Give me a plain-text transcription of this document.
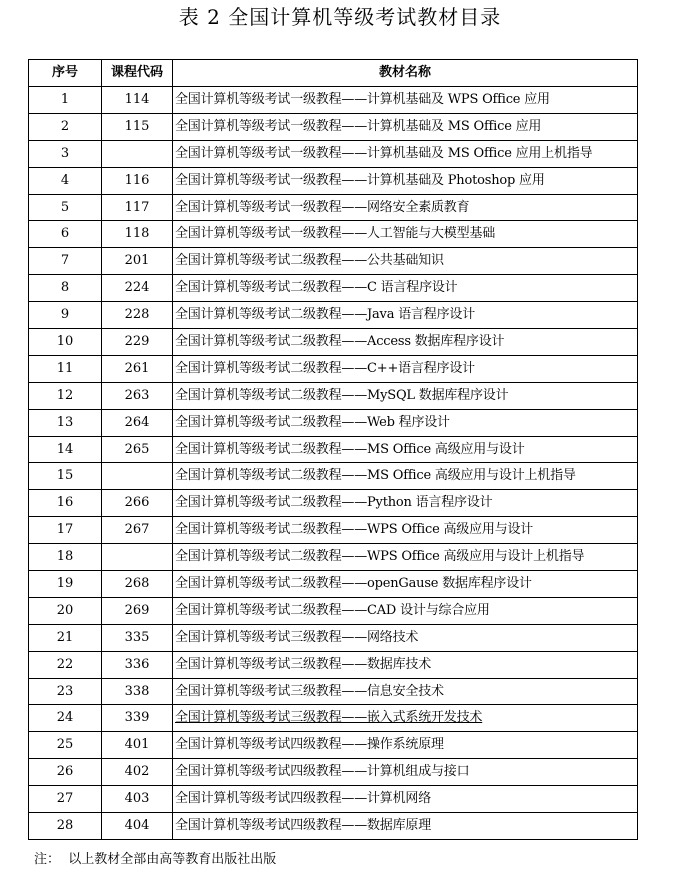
表 2 全国计算机等级考试教材目录
序号	课程代码	教材名称
1	114	全国计算机等级考试一级教程——计算机基础及 WPS Office 应用
2	115	全国计算机等级考试一级教程——计算机基础及 MS Office 应用
3		全国计算机等级考试一级教程——计算机基础及 MS Office 应用上机指导
4	116	全国计算机等级考试一级教程——计算机基础及 Photoshop 应用
5	117	全国计算机等级考试一级教程——网络安全素质教育
6	118	全国计算机等级考试一级教程——人工智能与大模型基础
7	201	全国计算机等级考试二级教程——公共基础知识
8	224	全国计算机等级考试二级教程——C 语言程序设计
9	228	全国计算机等级考试二级教程——Java 语言程序设计
10	229	全国计算机等级考试二级教程——Access 数据库程序设计
11	261	全国计算机等级考试二级教程——C++语言程序设计
12	263	全国计算机等级考试二级教程——MySQL 数据库程序设计
13	264	全国计算机等级考试二级教程——Web 程序设计
14	265	全国计算机等级考试二级教程——MS Office 高级应用与设计
15		全国计算机等级考试二级教程——MS Office 高级应用与设计上机指导
16	266	全国计算机等级考试二级教程——Python 语言程序设计
17	267	全国计算机等级考试二级教程——WPS Office 高级应用与设计
18		全国计算机等级考试二级教程——WPS Office 高级应用与设计上机指导
19	268	全国计算机等级考试二级教程——openGause 数据库程序设计
20	269	全国计算机等级考试二级教程——CAD 设计与综合应用
21	335	全国计算机等级考试三级教程——网络技术
22	336	全国计算机等级考试三级教程——数据库技术
23	338	全国计算机等级考试三级教程——信息安全技术
24	339	全国计算机等级考试三级教程——嵌入式系统开发技术
25	401	全国计算机等级考试四级教程——操作系统原理
26	402	全国计算机等级考试四级教程——计算机组成与接口
27	403	全国计算机等级考试四级教程——计算机网络
28	404	全国计算机等级考试四级教程——数据库原理
注：  以上教材全部由高等教育出版社出版
